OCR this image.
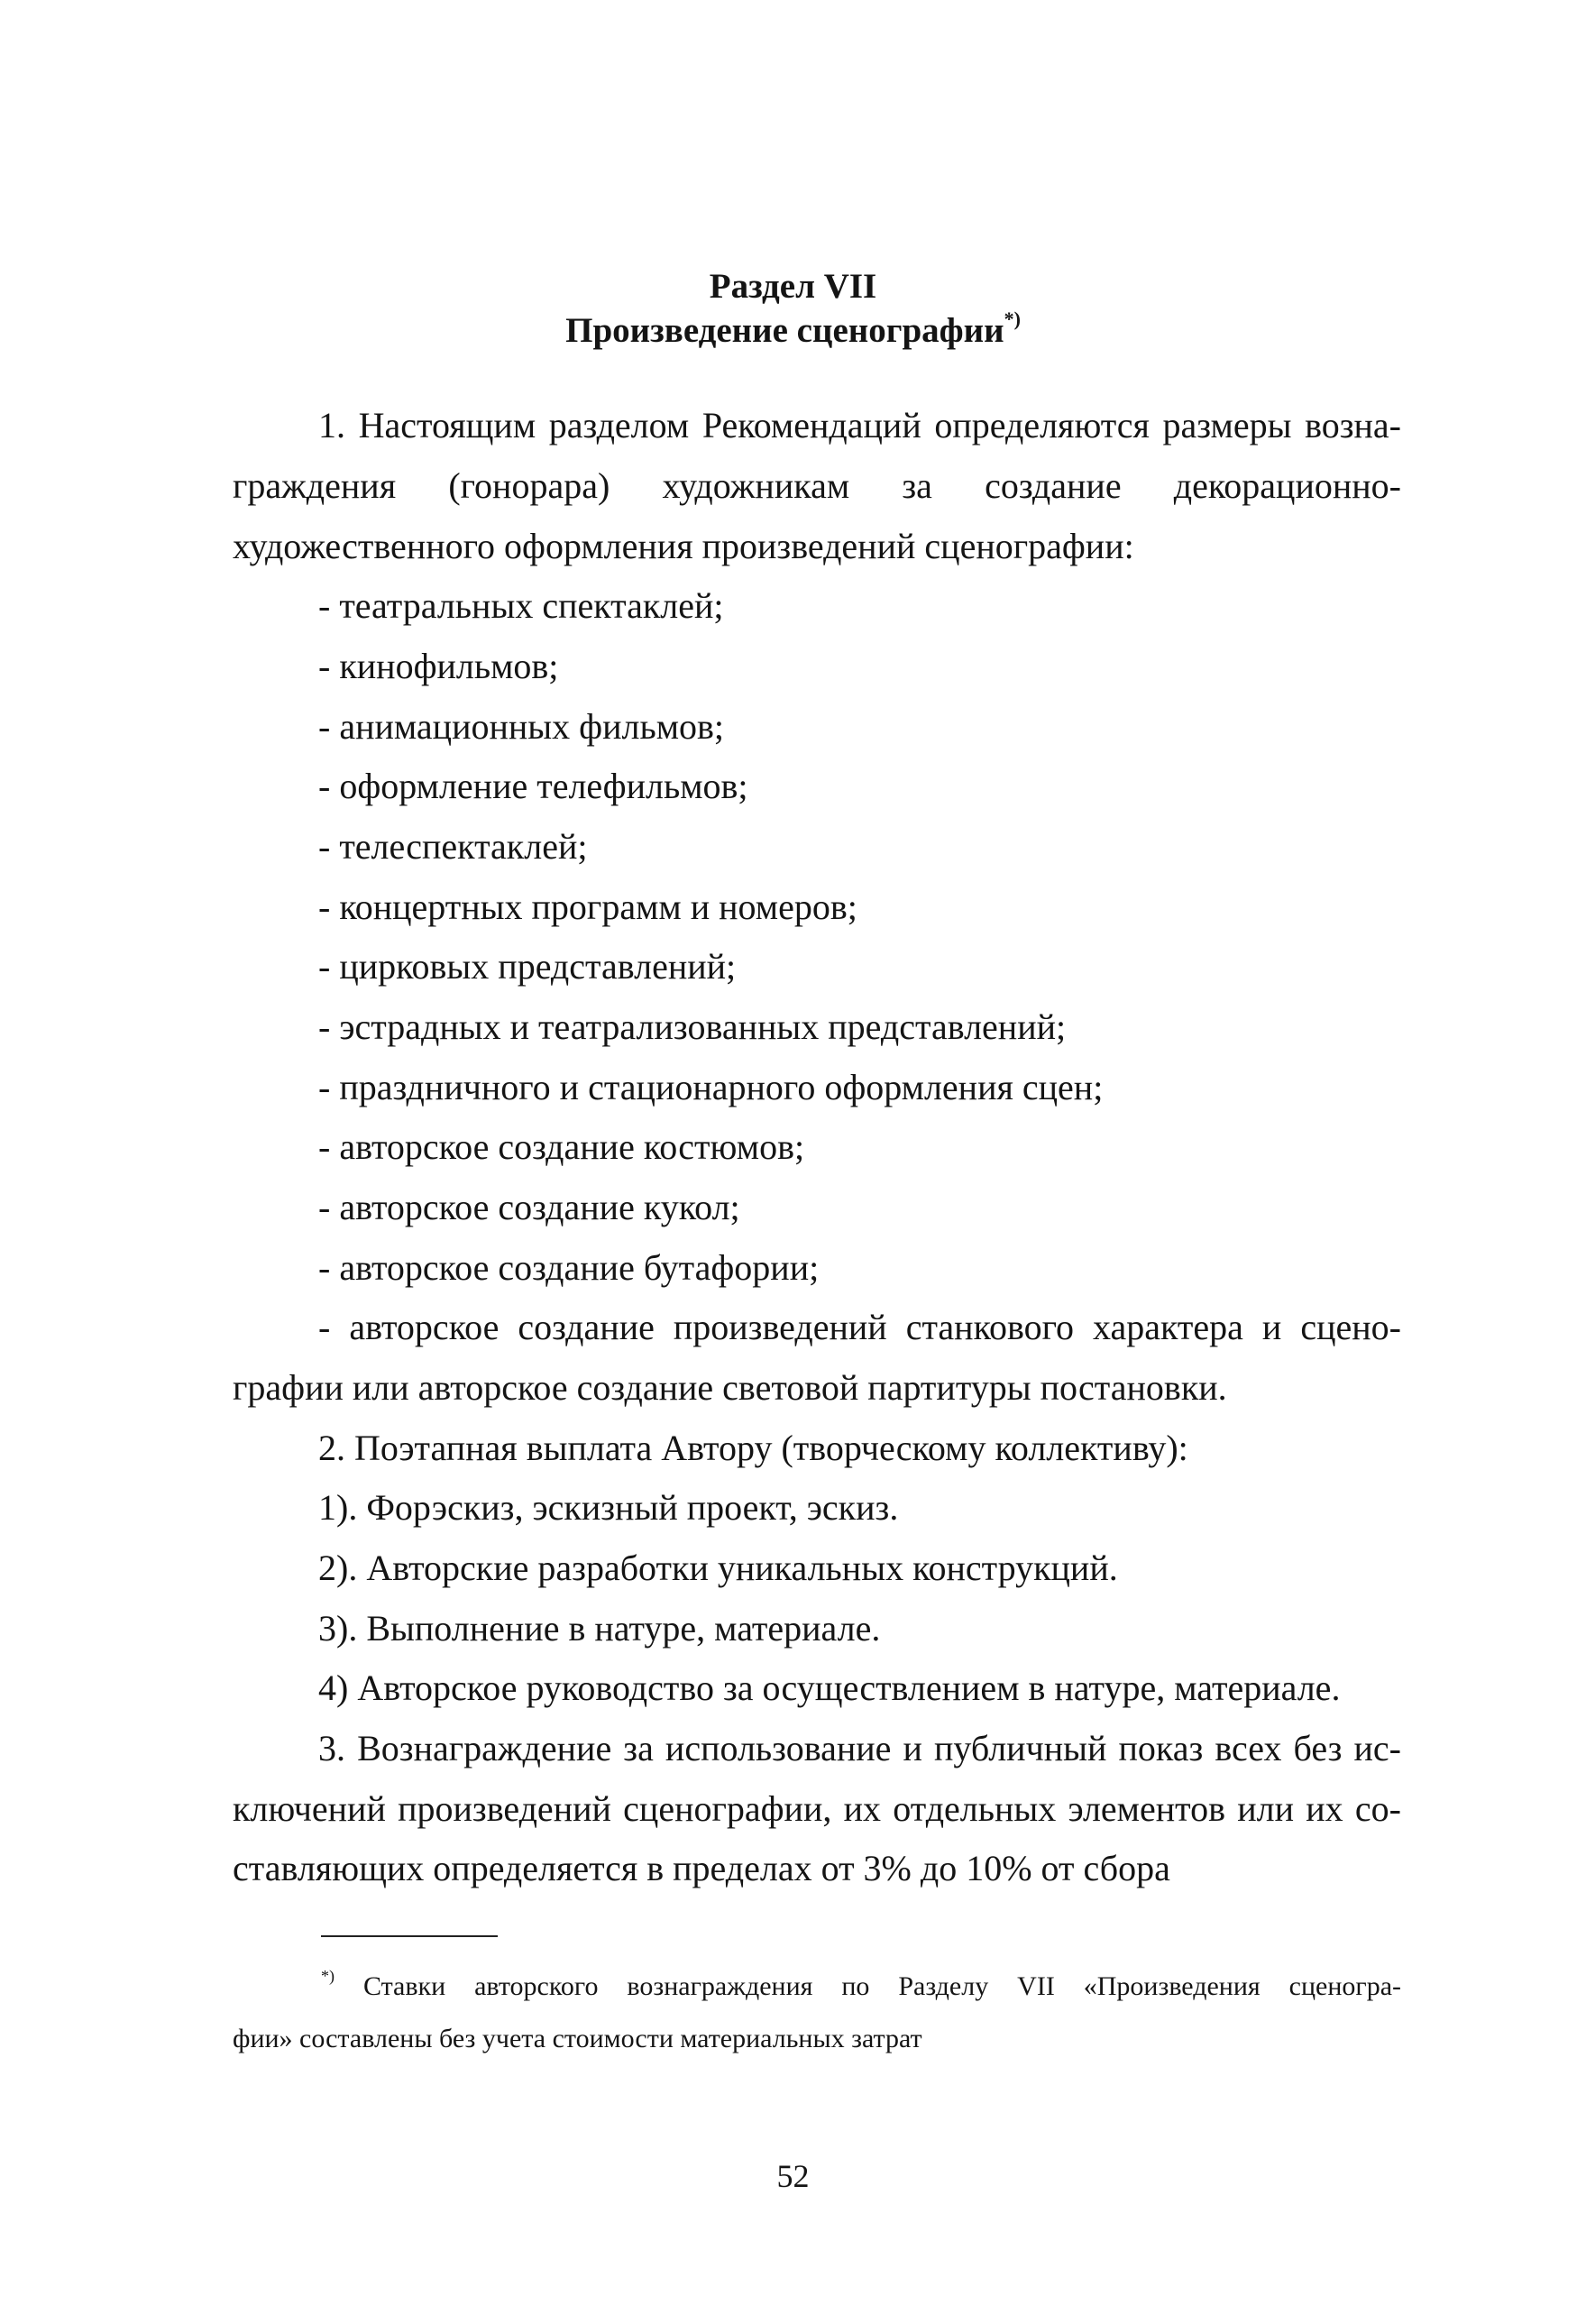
Раздел VII
Произведение сценографии*)
1. Настоящим разделом Рекомендаций определяются размеры возна-
граждения (гонорара) художникам за создание декорационно-
художественного оформления произведений сценографии:
- театральных спектаклей;
- кинофильмов;
- анимационных фильмов;
- оформление телефильмов;
- телеспектаклей;
- концертных программ и номеров;
- цирковых представлений;
- эстрадных и театрализованных представлений;
- праздничного и стационарного оформления сцен;
- авторское создание костюмов;
- авторское создание кукол;
- авторское создание бутафории;
- авторское создание произведений станкового характера и сцено-
графии или авторское создание световой партитуры постановки.
2. Поэтапная выплата Автору (творческому коллективу):
1). Форэскиз, эскизный проект, эскиз.
2). Авторские разработки уникальных конструкций.
3). Выполнение в натуре, материале.
4) Авторское руководство за осуществлением в натуре, материале.
3. Вознаграждение за использование и публичный показ всех без ис-
ключений произведений сценографии, их отдельных элементов или их со-
ставляющих определяется в пределах от 3% до 10% от сбора
*) Ставки авторского вознаграждения по Разделу VII «Произведения сценогра-
фии» составлены без учета стоимости материальных затрат
52
